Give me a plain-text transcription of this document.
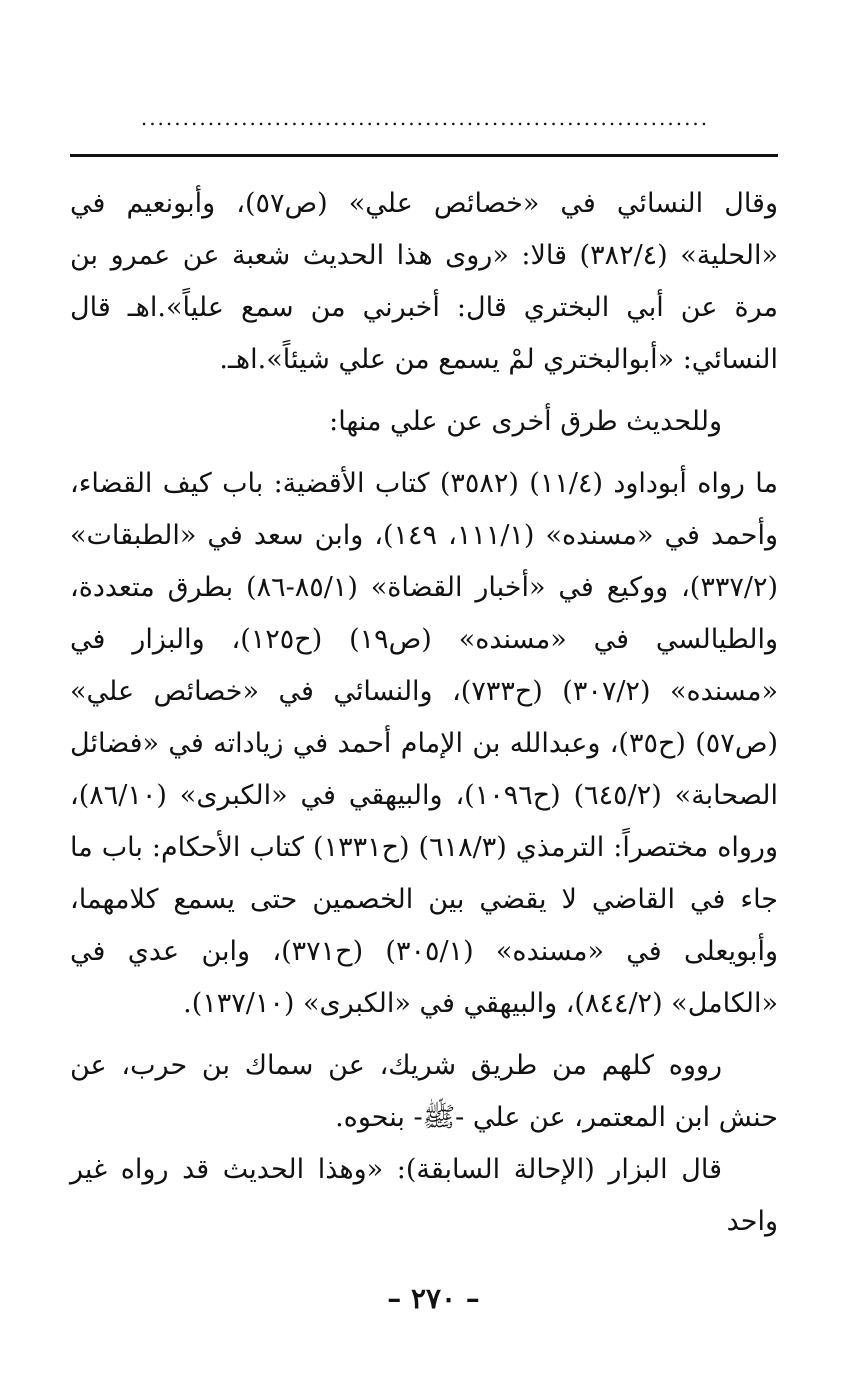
....................................................................

وقال النسائي في «خصائص علي» (ص٥٧)، وأبونعيم في «الحلية» (٣٨٢/٤) قالا: «روى هذا الحديث شعبة عن عمرو بن مرة عن أبي البختري قال: أخبرني من سمع علياً».اهـ قال النسائي: «أبوالبختري لمْ يسمع من علي شيئاً».اهـ.

وللحديث طرق أخرى عن علي منها:

ما رواه أبوداود (١١/٤) (٣٥٨٢) كتاب الأقضية: باب كيف القضاء، وأحمد في «مسنده» (١١١/١، ١٤٩)، وابن سعد في «الطبقات» (٣٣٧/٢)، ووكيع في «أخبار القضاة» (٨٥/١-٨٦) بطرق متعددة، والطيالسي في «مسنده» (ص١٩) (ح١٢٥)، والبزار في «مسنده» (٣٠٧/٢) (ح٧٣٣)، والنسائي في «خصائص علي» (ص٥٧) (ح٣٥)، وعبدالله بن الإمام أحمد في زياداته في «فضائل الصحابة» (٦٤٥/٢) (ح١٠٩٦)، والبيهقي في «الكبرى» (٨٦/١٠)، ورواه مختصراً: الترمذي (٦١٨/٣) (ح١٣٣١) كتاب الأحكام: باب ما جاء في القاضي لا يقضي بين الخصمين حتى يسمع كلامهما، وأبويعلى في «مسنده» (٣٠٥/١) (ح٣٧١)، وابن عدي في «الكامل» (٨٤٤/٢)، والبيهقي في «الكبرى» (١٣٧/١٠).

رووه كلهم من طريق شريك، عن سماك بن حرب، عن حنش ابن المعتمر، عن علي -ﷺ- بنحوه.

قال البزار (الإحالة السابقة): «وهذا الحديث قد رواه غير واحد

– ٢٧٠ –
